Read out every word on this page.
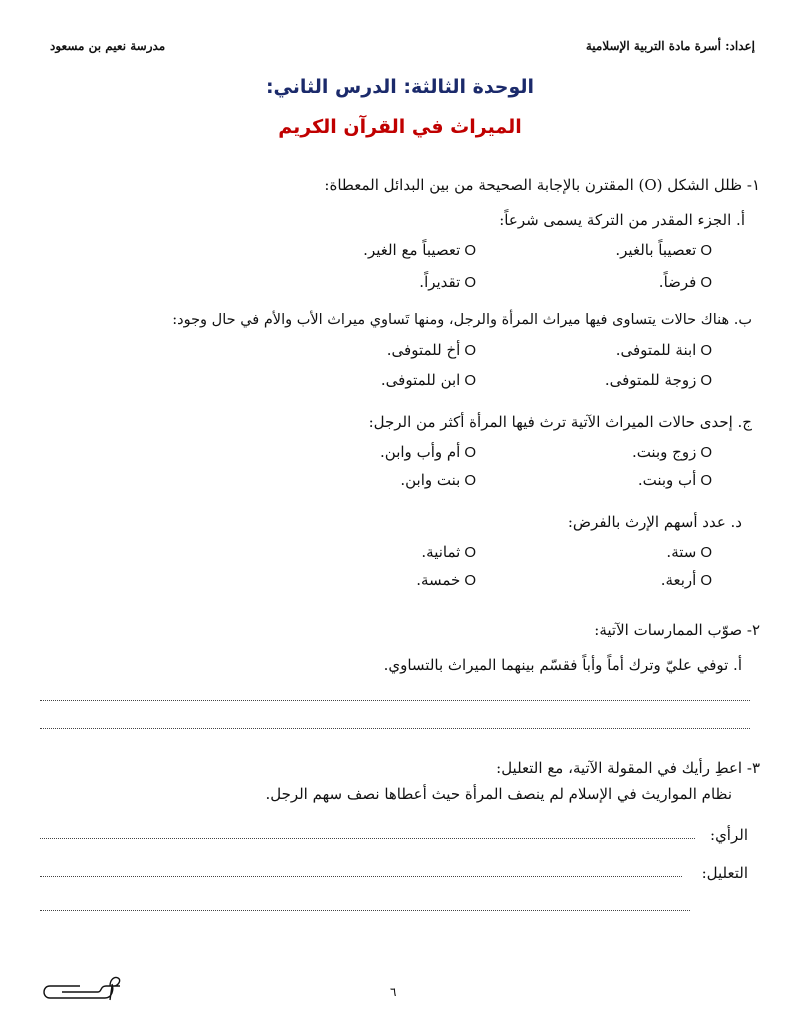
إعداد: أسرة مادة التربية الإسلامية
مدرسة نعيم بن مسعود
الوحدة الثالثة: الدرس الثاني:
الميراث في القرآن الكريم
١- ظلل الشكل (O) المقترن بالإجابة الصحيحة من بين البدائل المعطاة:
أ. الجزء المقدر من التركة يسمى شرعاً:
Oتعصيباً بالغير.
Oتعصيباً مع الغير.
Oفرضاً.
Oتقديراً.
ب. هناك حالات يتساوى فيها ميراث المرأة والرجل، ومنها تَساوي ميراث الأب والأم في حال وجود:
Oابنة للمتوفى.
Oأخ للمتوفى.
Oزوجة للمتوفى.
Oابن للمتوفى.
ج. إحدى حالات الميراث الآتية ترث فيها المرأة أكثر من الرجل:
Oزوج وبنت.
Oأم وأب وابن.
Oأب وبنت.
Oبنت وابن.
د. عدد أسهم الإرث بالفرض:
Oستة.
Oثمانية.
Oأربعة.
Oخمسة.
٢- صوّب الممارسات الآتية:
أ. توفي عليّ وترك أماً وأباً فقسّم بينهما الميراث بالتساوي.
٣- اعطِ رأيك في المقولة الآتية، مع التعليل:
نظام المواريث في الإسلام لم ينصف المرأة حيث أعطاها نصف سهم الرجل.
الرأي:
التعليل:
٦
